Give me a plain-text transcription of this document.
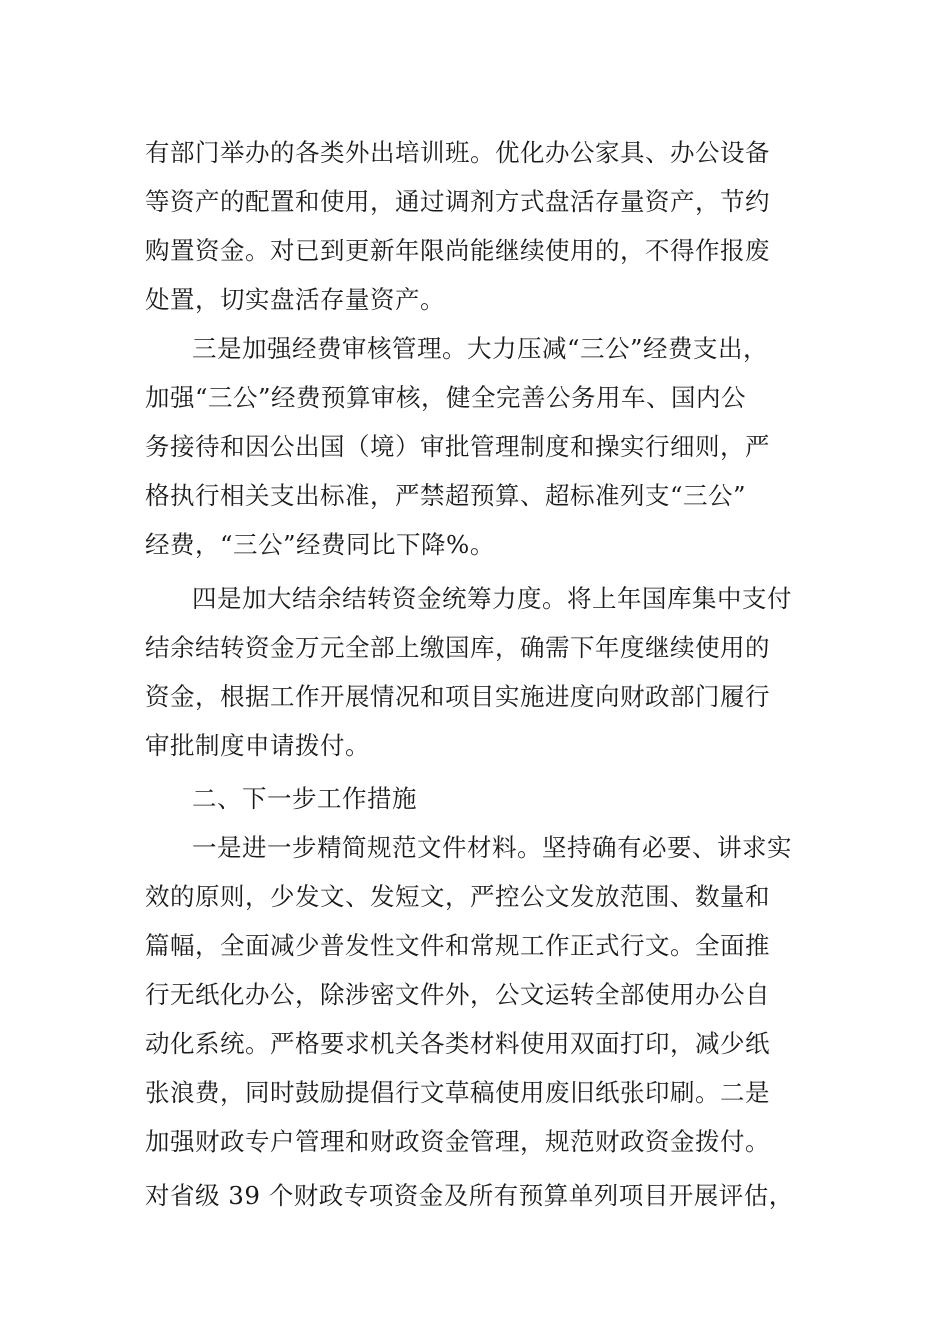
有部门举办的各类外出培训班。优化办公家具、办公设备
等资产的配置和使用，通过调剂方式盘活存量资产，节约
购置资金。对已到更新年限尚能继续使用的，不得作报废
处置，切实盘活存量资产。
三是加强经费审核管理。大力压减“三公”经费支出，
加强“三公”经费预算审核，健全完善公务用车、国内公
务接待和因公出国（境）审批管理制度和操实行细则，严
格执行相关支出标准，严禁超预算、超标准列支“三公”
经费，“三公”经费同比下降%。
四是加大结余结转资金统筹力度。将上年国库集中支付
结余结转资金万元全部上缴国库，确需下年度继续使用的
资金，根据工作开展情况和项目实施进度向财政部门履行
审批制度申请拨付。
二、下一步工作措施
一是进一步精简规范文件材料。坚持确有必要、讲求实
效的原则，少发文、发短文，严控公文发放范围、数量和
篇幅，全面减少普发性文件和常规工作正式行文。全面推
行无纸化办公，除涉密文件外，公文运转全部使用办公自
动化系统。严格要求机关各类材料使用双面打印，减少纸
张浪费，同时鼓励提倡行文草稿使用废旧纸张印刷。二是
加强财政专户管理和财政资金管理，规范财政资金拨付。
对省级 39 个财政专项资金及所有预算单列项目开展评估，
